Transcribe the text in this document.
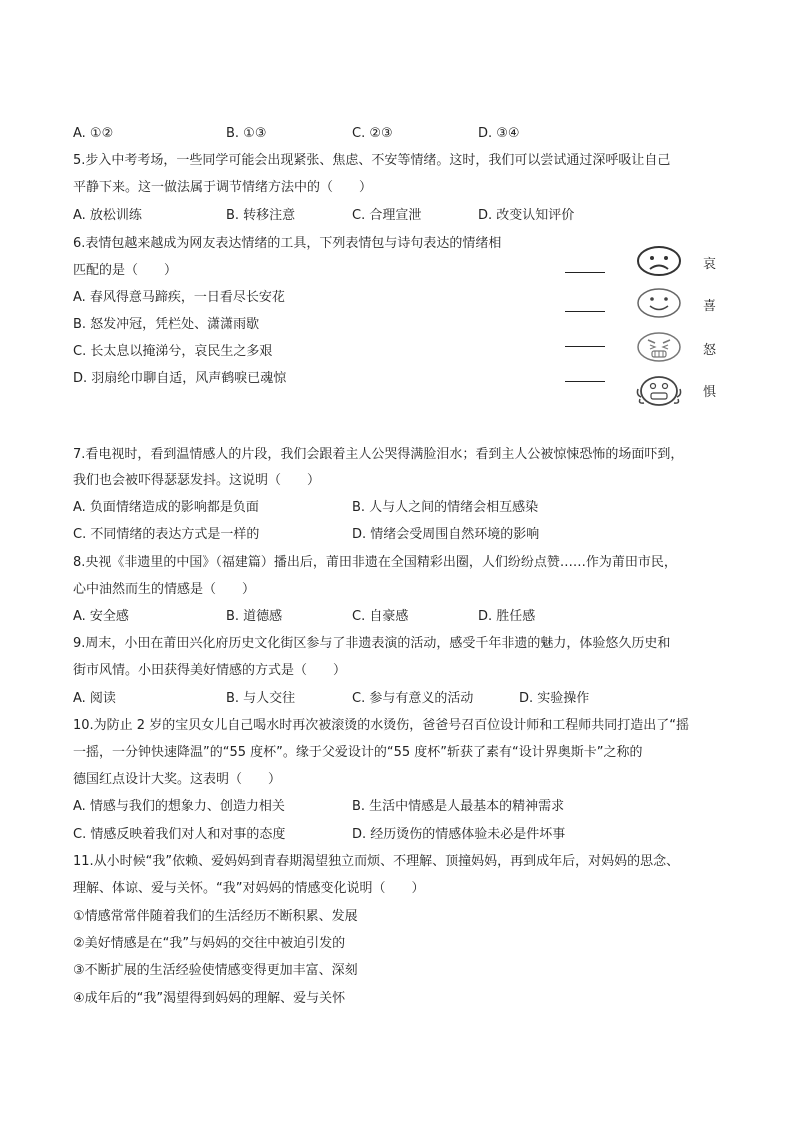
A. ①②	B. ①③	C. ②③	D. ③④
5.步入中考考场，一些同学可能会出现紧张、焦虑、不安等情绪。这时，我们可以尝试通过深呼吸让自己
平静下来。这一做法属于调节情绪方法中的（　　）
A. 放松训练	B. 转移注意	C. 合理宣泄	D. 改变认知评价
6.表情包越来越成为网友表达情绪的工具，下列表情包与诗句表达的情绪相
匹配的是（　　）
A. 春风得意马蹄疾，一日看尽长安花
B. 怒发冲冠，凭栏处、潇潇雨歇
C. 长太息以掩涕兮，哀民生之多艰
D. 羽扇纶巾聊自适，风声鹤唳已魂惊
哀
喜
怒
惧
7.看电视时，看到温情感人的片段，我们会跟着主人公哭得满脸泪水；看到主人公被惊悚恐怖的场面吓到，
我们也会被吓得瑟瑟发抖。这说明（　　）
A. 负面情绪造成的影响都是负面	B. 人与人之间的情绪会相互感染
C. 不同情绪的表达方式是一样的	D. 情绪会受周围自然环境的影响
8.央视《非遗里的中国》（福建篇）播出后，莆田非遗在全国精彩出圈，人们纷纷点赞……作为莆田市民，
心中油然而生的情感是（　　）
A. 安全感	B. 道德感	C. 自豪感	D. 胜任感
9.周末，小田在莆田兴化府历史文化街区参与了非遗表演的活动，感受千年非遗的魅力，体验悠久历史和
街市风情。小田获得美好情感的方式是（　　）
A. 阅读	B. 与人交往	C. 参与有意义的活动	D. 实验操作
10.为防止 2 岁的宝贝女儿自己喝水时再次被滚烫的水烫伤，爸爸号召百位设计师和工程师共同打造出了“摇
一摇，一分钟快速降温”的“55 度杯”。缘于父爱设计的“55 度杯”斩获了素有“设计界奥斯卡”之称的
德国红点设计大奖。这表明（　　）
A. 情感与我们的想象力、创造力相关	B. 生活中情感是人最基本的精神需求
C. 情感反映着我们对人和对事的态度	D. 经历烫伤的情感体验未必是件坏事
11.从小时候“我”依赖、爱妈妈到青春期渴望独立而烦、不理解、顶撞妈妈，再到成年后，对妈妈的思念、
理解、体谅、爱与关怀。“我”对妈妈的情感变化说明（　　）
①情感常常伴随着我们的生活经历不断积累、发展
②美好情感是在“我”与妈妈的交往中被迫引发的
③不断扩展的生活经验使情感变得更加丰富、深刻
④成年后的“我”渴望得到妈妈的理解、爱与关怀
